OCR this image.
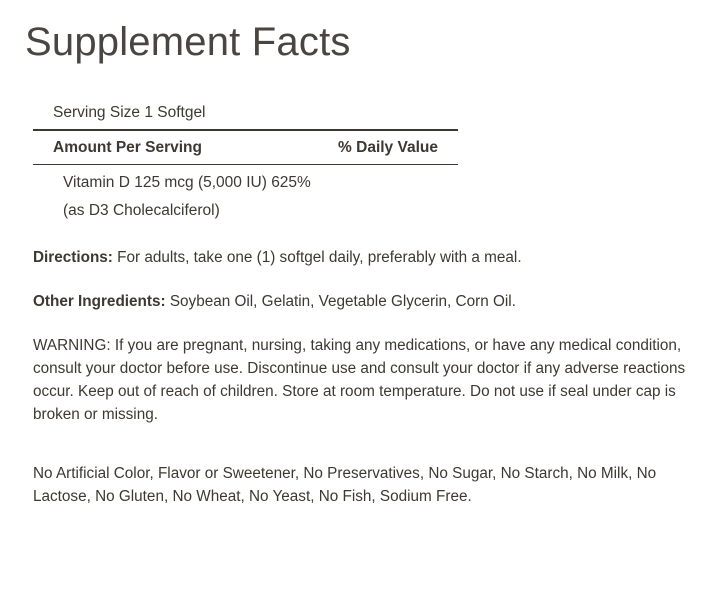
Supplement Facts
Serving Size 1 Softgel
Amount Per Serving	% Daily Value
Vitamin D 125 mcg (5,000 IU) 625%
(as D3 Cholecalciferol)

Directions: For adults, take one (1) softgel daily, preferably with a meal.

Other Ingredients: Soybean Oil, Gelatin, Vegetable Glycerin, Corn Oil.

WARNING: If you are pregnant, nursing, taking any medications, or have any medical condition, consult your doctor before use. Discontinue use and consult your doctor if any adverse reactions occur. Keep out of reach of children. Store at room temperature. Do not use if seal under cap is broken or missing.

No Artificial Color, Flavor or Sweetener, No Preservatives, No Sugar, No Starch, No Milk, No Lactose, No Gluten, No Wheat, No Yeast, No Fish, Sodium Free.
